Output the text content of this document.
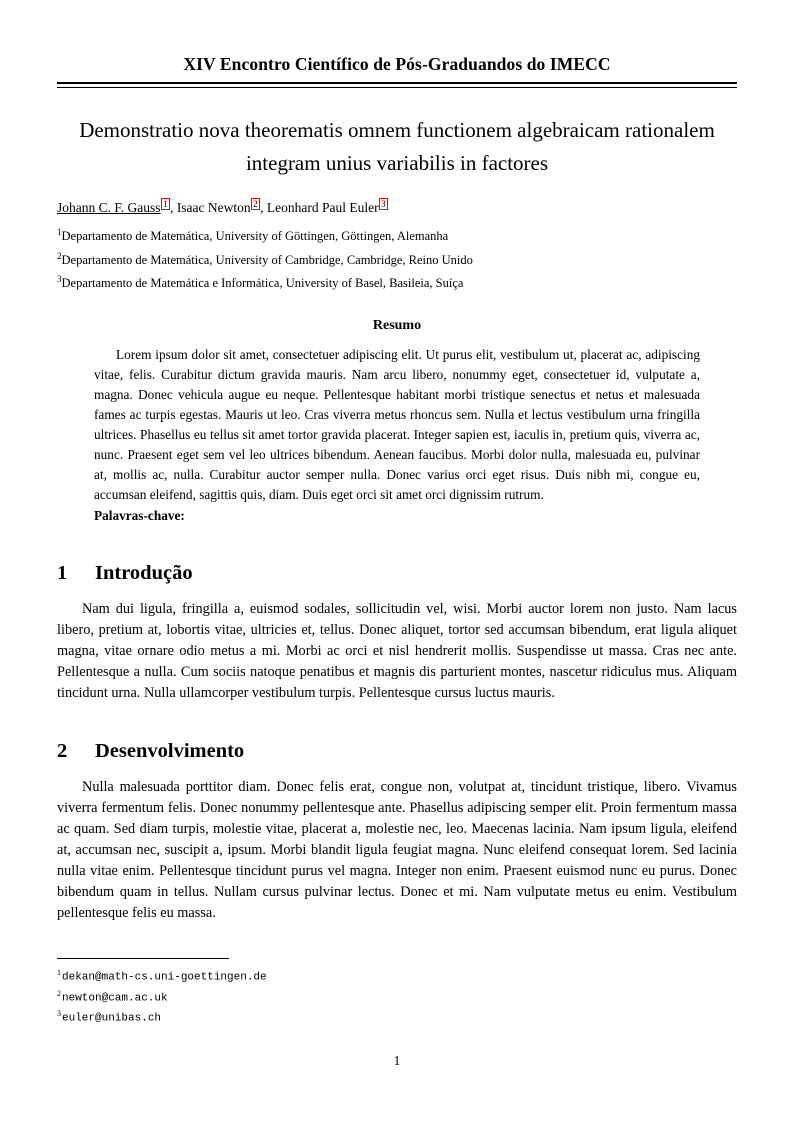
XIV Encontro Científico de Pós-Graduandos do IMECC
Demonstratio nova theorematis omnem functionem algebraicam rationalem integram unius variabilis in factores
Johann C. F. Gauss $^1$ , Isaac Newton $^2$ , Leonhard Paul Euler $^3$
$^1$Departamento de Matemática, University of Göttingen, Göttingen, Alemanha
$^2$Departamento de Matemática, University of Cambridge, Cambridge, Reino Unido
$^3$Departamento de Matemática e Informática, University of Basel, Basileia, Suíça
Resumo
Lorem ipsum dolor sit amet, consectetuer adipiscing elit. Ut purus elit, vestibulum ut, placerat ac, adipiscing vitae, felis. Curabitur dictum gravida mauris. Nam arcu libero, nonummy eget, consectetuer id, vulputate a, magna. Donec vehicula augue eu neque. Pellentesque habitant morbi tristique senectus et netus et malesuada fames ac turpis egestas. Mauris ut leo. Cras viverra metus rhoncus sem. Nulla et lectus vestibulum urna fringilla ultrices. Phasellus eu tellus sit amet tortor gravida placerat. Integer sapien est, iaculis in, pretium quis, viverra ac, nunc. Praesent eget sem vel leo ultrices bibendum. Aenean faucibus. Morbi dolor nulla, malesuada eu, pulvinar at, mollis ac, nulla. Curabitur auctor semper nulla. Donec varius orci eget risus. Duis nibh mi, congue eu, accumsan eleifend, sagittis quis, diam. Duis eget orci sit amet orci dignissim rutrum.
Palavras-chave:
1 Introdução
Nam dui ligula, fringilla a, euismod sodales, sollicitudin vel, wisi. Morbi auctor lorem non justo. Nam lacus libero, pretium at, lobortis vitae, ultricies et, tellus. Donec aliquet, tortor sed accumsan bibendum, erat ligula aliquet magna, vitae ornare odio metus a mi. Morbi ac orci et nisl hendrerit mollis. Suspendisse ut massa. Cras nec ante. Pellentesque a nulla. Cum sociis natoque penatibus et magnis dis parturient montes, nascetur ridiculus mus. Aliquam tincidunt urna. Nulla ullamcorper vestibulum turpis. Pellentesque cursus luctus mauris.
2 Desenvolvimento
Nulla malesuada porttitor diam. Donec felis erat, congue non, volutpat at, tincidunt tristique, libero. Vivamus viverra fermentum felis. Donec nonummy pellentesque ante. Phasellus adipiscing semper elit. Proin fermentum massa ac quam. Sed diam turpis, molestie vitae, placerat a, molestie nec, leo. Maecenas lacinia. Nam ipsum ligula, eleifend at, accumsan nec, suscipit a, ipsum. Morbi blandit ligula feugiat magna. Nunc eleifend consequat lorem. Sed lacinia nulla vitae enim. Pellentesque tincidunt purus vel magna. Integer non enim. Praesent euismod nunc eu purus. Donec bibendum quam in tellus. Nullam cursus pulvinar lectus. Donec et mi. Nam vulputate metus eu enim. Vestibulum pellentesque felis eu massa.
$^1$dekan@math-cs.uni-goettingen.de
$^2$newton@cam.ac.uk
$^3$euler@unibas.ch
1
